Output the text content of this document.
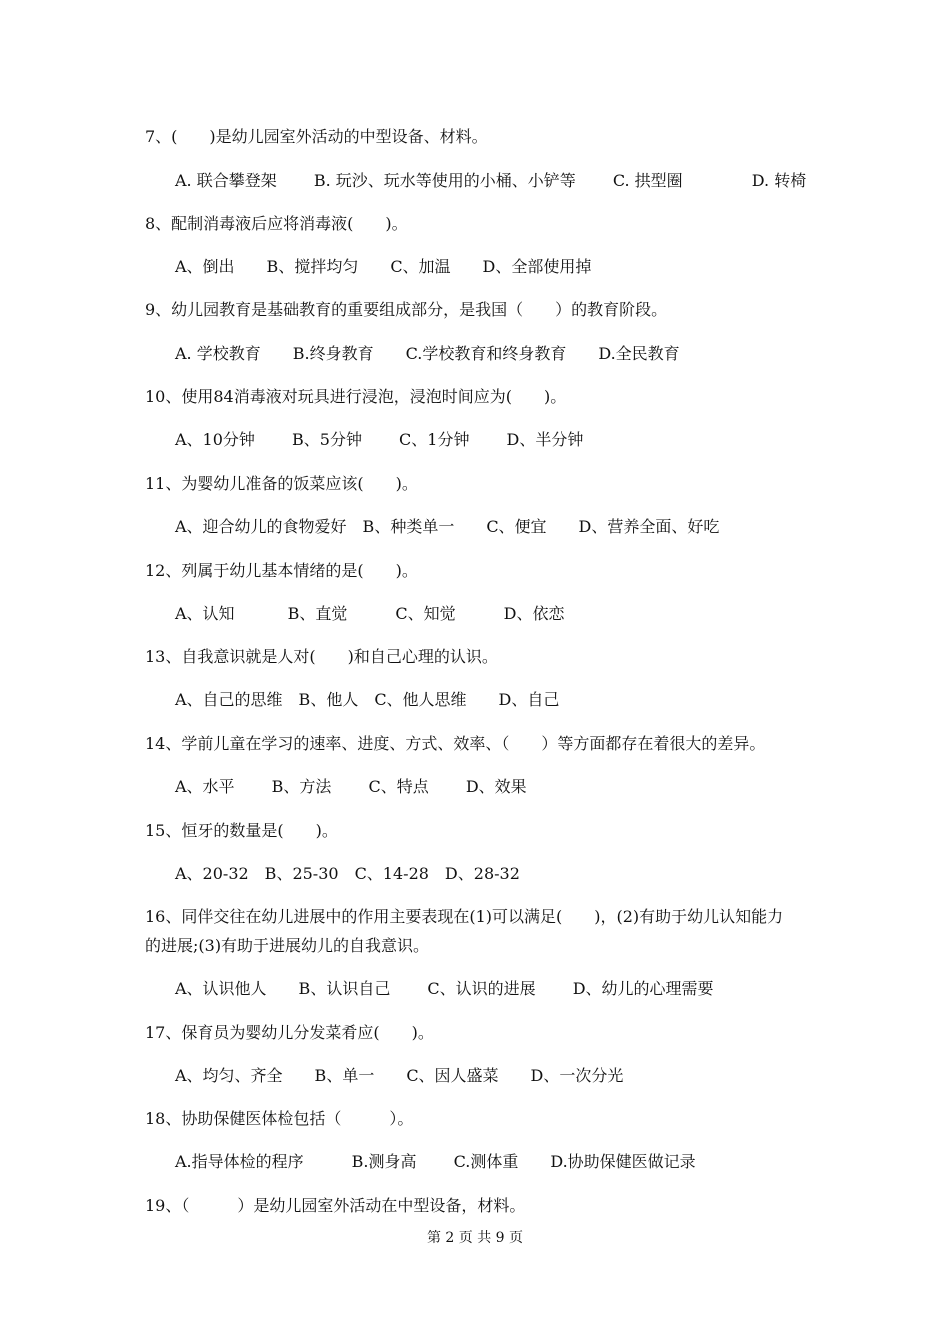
7、(　　)是幼儿园室外活动的中型设备、材料。
A. 联合攀登架　　 B. 玩沙、玩水等使用的小桶、小铲等　　 C. 拱型圈　　　　 D. 转椅
8、配制消毒液后应将消毒液(　　)。
A、倒出　　B、搅拌均匀　　C、加温　　D、全部使用掉
9、幼儿园教育是基础教育的重要组成部分，是我国（　　）的教育阶段。
A. 学校教育　　B.终身教育　　C.学校教育和终身教育　　D.全民教育
10、使用84消毒液对玩具进行浸泡，浸泡时间应为(　　)。
A、10分钟　　 B、5分钟　　 C、1分钟　　 D、半分钟
11、为婴幼儿准备的饭菜应该(　　)。
A、迎合幼儿的食物爱好　B、种类单一　　C、便宜　　D、营养全面、好吃
12、列属于幼儿基本情绪的是(　　)。
A、认知　　　 B、直觉　　　C、知觉　　　D、依恋
13、自我意识就是人对(　　)和自己心理的认识。
A、自己的思维　B、他人　C、他人思维　　D、自己
14、学前儿童在学习的速率、进度、方式、效率、（　　）等方面都存在着很大的差异。
A、水平　　 B、方法　　 C、特点　　 D、效果
15、恒牙的数量是(　　)。
A、20-32　B、25-30　C、14-28　D、28-32
16、同伴交往在幼儿进展中的作用主要表现在(1)可以满足(　　)，(2)有助于幼儿认知能力
的进展;(3)有助于进展幼儿的自我意识。
A、认识他人　　B、认识自己　　 C、认识的进展　　 D、幼儿的心理需要
17、保育员为婴幼儿分发菜肴应(　　)。
A、均匀、齐全　　B、单一　　C、因人盛菜　　D、一次分光
18、协助保健医体检包括（　　　）。
A.指导体检的程序　　　B.测身高　　 C.测体重　　D.协助保健医做记录
19、（　　　）是幼儿园室外活动在中型设备，材料。
第 2 页 共 9 页
